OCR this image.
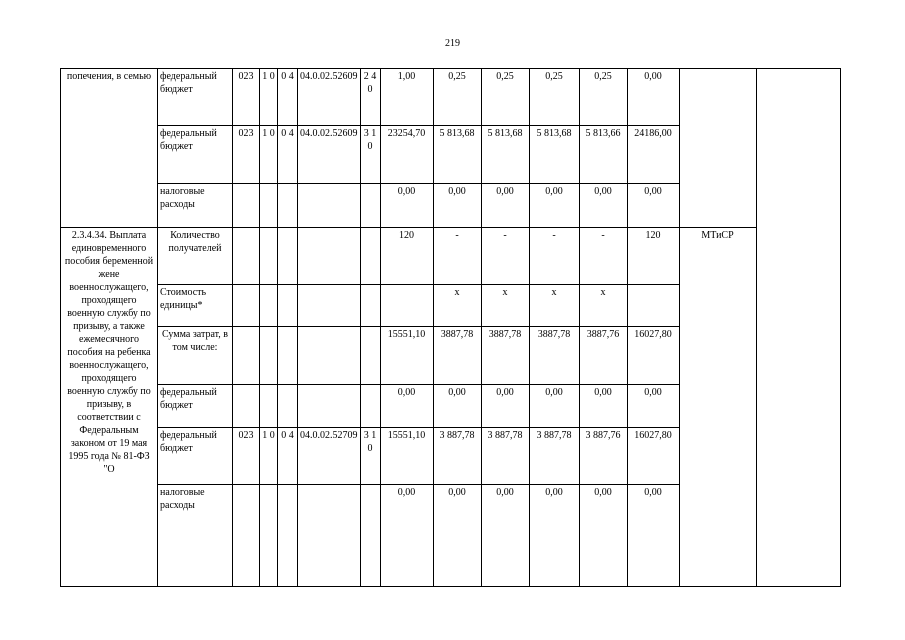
219
попечения, в семью	федеральный бюджет	023	1 0	0 4	04.0.02.52609	2 4 0	1,00	0,25	0,25	0,25	0,25	0,00		
	федеральный бюджет	023	1 0	0 4	04.0.02.52609	3 1 0	23254,70	5 813,68	5 813,68	5 813,68	5 813,66	24186,00		
	налоговые расходы						0,00	0,00	0,00	0,00	0,00	0,00		
2.3.4.34. Выплата единовременного пособия беременной жене военнослужащего, проходящего военную службу по призыву, а также ежемесячного пособия на ребенка военнослужащего, проходящего военную службу по призыву, в соответствии с Федеральным законом от 19 мая 1995 года № 81-ФЗ "О	Количество получателей						120	-	-	-	-	120	МТиСР	
	Стоимость единицы*							х	х	х	х			
	Сумма затрат, в том числе:						15551,10	3887,78	3887,78	3887,78	3887,76	16027,80		
	федеральный бюджет						0,00	0,00	0,00	0,00	0,00	0,00		
	федеральный бюджет	023	1 0	0 4	04.0.02.52709	3 1 0	15551,10	3 887,78	3 887,78	3 887,78	3 887,76	16027,80		
	налоговые расходы						0,00	0,00	0,00	0,00	0,00	0,00		
